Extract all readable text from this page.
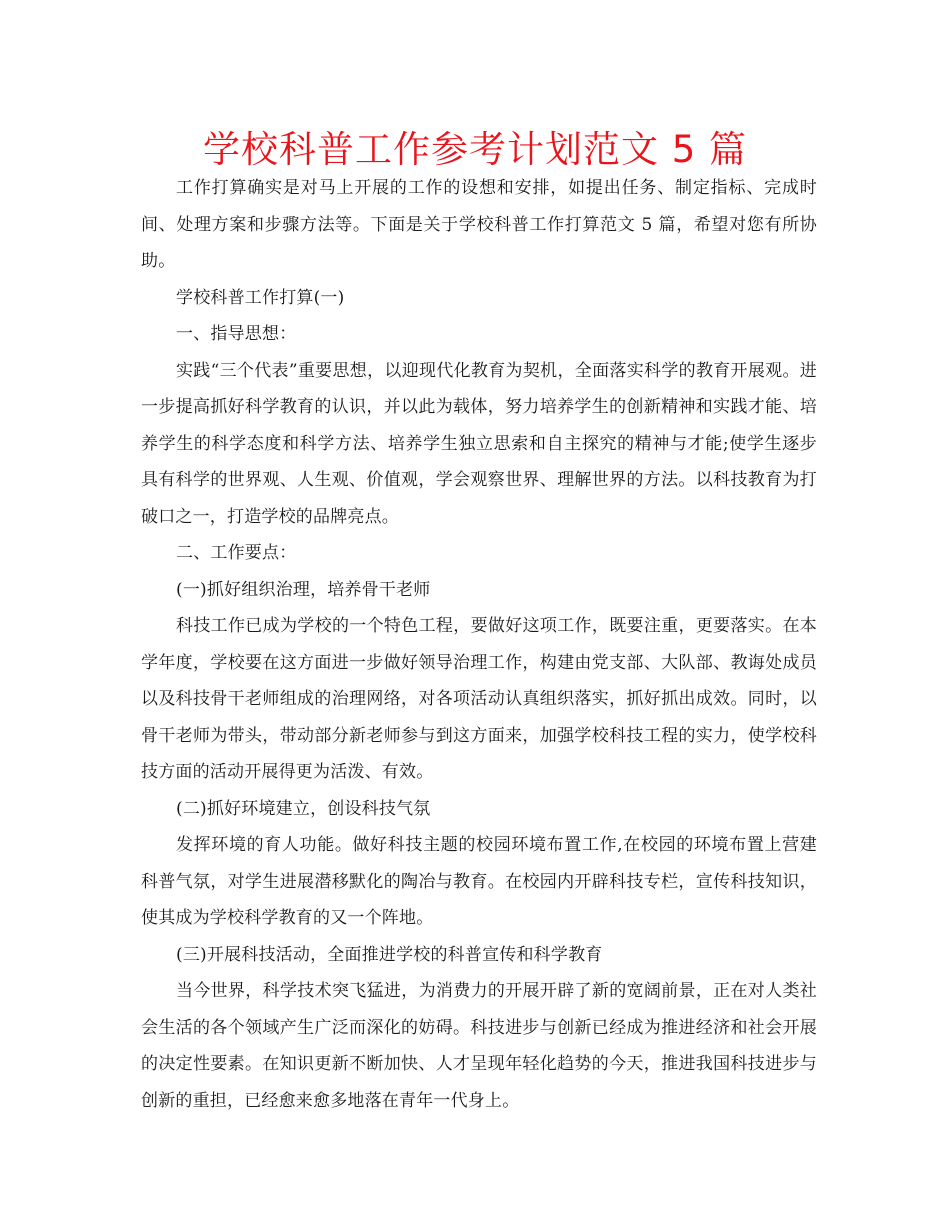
学校科普工作参考计划范文 5 篇

工作打算确实是对马上开展的工作的设想和安排，如提出任务、制定指标、完成时间、处理方案和步骤方法等。下面是关于学校科普工作打算范文 5 篇，希望对您有所协助。

学校科普工作打算(一)

一、指导思想：

实践“三个代表”重要思想，以迎现代化教育为契机，全面落实科学的教育开展观。进一步提高抓好科学教育的认识，并以此为载体，努力培养学生的创新精神和实践才能、培养学生的科学态度和科学方法、培养学生独立思索和自主探究的精神与才能;使学生逐步具有科学的世界观、人生观、价值观，学会观察世界、理解世界的方法。以科技教育为打破口之一，打造学校的品牌亮点。

二、工作要点：

(一)抓好组织治理，培养骨干老师

科技工作已成为学校的一个特色工程，要做好这项工作，既要注重，更要落实。在本学年度，学校要在这方面进一步做好领导治理工作，构建由党支部、大队部、教诲处成员以及科技骨干老师组成的治理网络，对各项活动认真组织落实，抓好抓出成效。同时，以骨干老师为带头，带动部分新老师参与到这方面来，加强学校科技工程的实力，使学校科技方面的活动开展得更为活泼、有效。

(二)抓好环境建立，创设科技气氛

发挥环境的育人功能。做好科技主题的校园环境布置工作,在校园的环境布置上营建科普气氛，对学生进展潜移默化的陶冶与教育。在校园内开辟科技专栏，宣传科技知识，使其成为学校科学教育的又一个阵地。

(三)开展科技活动，全面推进学校的科普宣传和科学教育

当今世界，科学技术突飞猛进，为消费力的开展开辟了新的宽阔前景，正在对人类社会生活的各个领域产生广泛而深化的妨碍。科技进步与创新已经成为推进经济和社会开展的决定性要素。在知识更新不断加快、人才呈现年轻化趋势的今天，推进我国科技进步与创新的重担，已经愈来愈多地落在青年一代身上。
